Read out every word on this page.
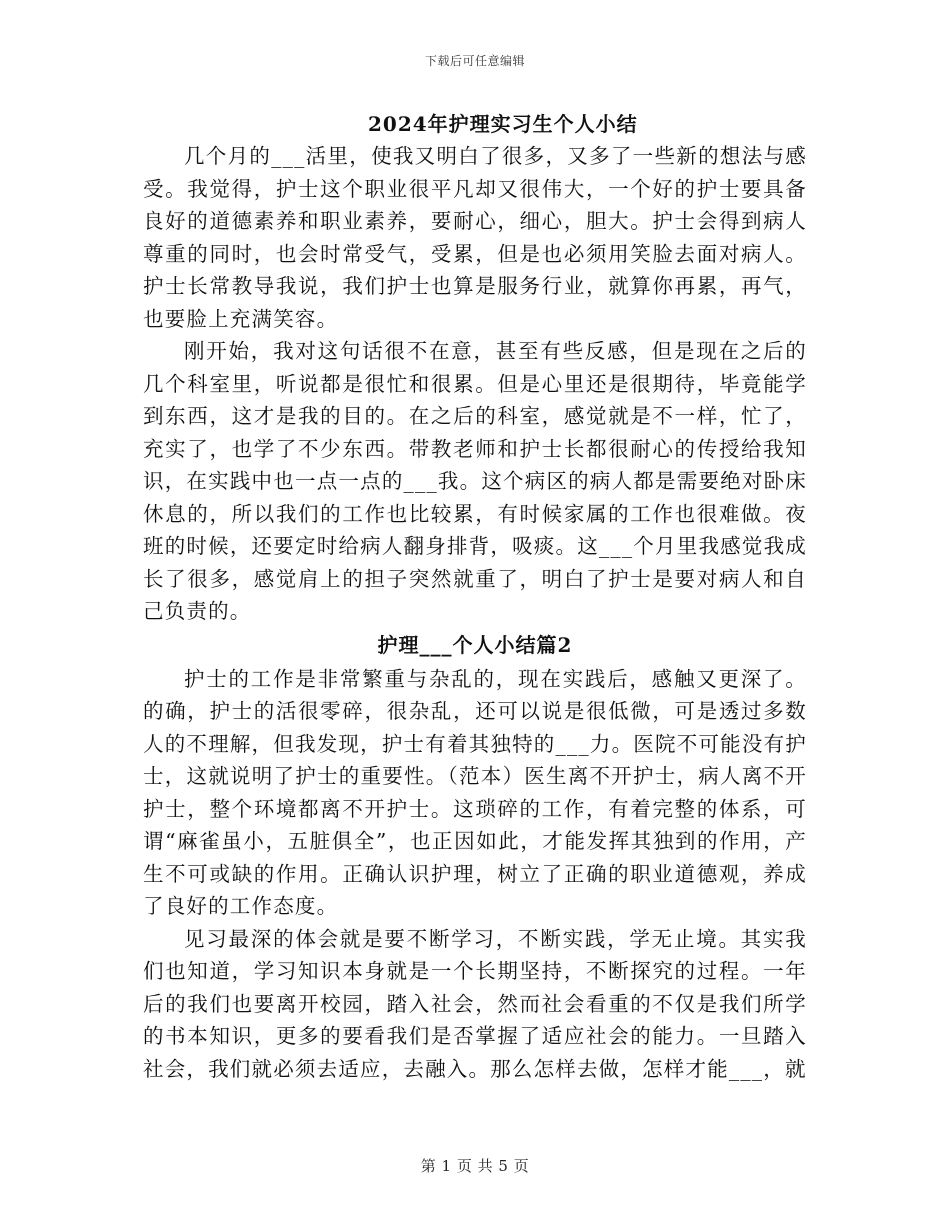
下载后可任意编辑
2024年护理实习生个人小结

几个月的___活里，使我又明白了很多，又多了一些新的想法与感受。我觉得，护士这个职业很平凡却又很伟大，一个好的护士要具备良好的道德素养和职业素养，要耐心，细心，胆大。护士会得到病人尊重的同时，也会时常受气，受累，但是也必须用笑脸去面对病人。护士长常教导我说，我们护士也算是服务行业，就算你再累，再气，也要脸上充满笑容。

刚开始，我对这句话很不在意，甚至有些反感，但是现在之后的几个科室里，听说都是很忙和很累。但是心里还是很期待，毕竟能学到东西，这才是我的目的。在之后的科室，感觉就是不一样，忙了，充实了，也学了不少东西。带教老师和护士长都很耐心的传授给我知识，在实践中也一点一点的___我。这个病区的病人都是需要绝对卧床休息的，所以我们的工作也比较累，有时候家属的工作也很难做。夜班的时候，还要定时给病人翻身排背，吸痰。这___个月里我感觉我成长了很多，感觉肩上的担子突然就重了，明白了护士是要对病人和自己负责的。

护理___个人小结篇2

护士的工作是非常繁重与杂乱的，现在实践后，感触又更深了。的确，护士的活很零碎，很杂乱，还可以说是很低微，可是透过多数人的不理解，但我发现，护士有着其独特的___力。医院不可能没有护士，这就说明了护士的重要性。（范本）医生离不开护士，病人离不开护士，整个环境都离不开护士。这琐碎的工作，有着完整的体系，可谓“麻雀虽小，五脏俱全”，也正因如此，才能发挥其独到的作用，产生不可或缺的作用。正确认识护理，树立了正确的职业道德观，养成了良好的工作态度。

见习最深的体会就是要不断学习，不断实践，学无止境。其实我们也知道，学习知识本身就是一个长期坚持，不断探究的过程。一年后的我们也要离开校园，踏入社会，然而社会看重的不仅是我们所学的书本知识，更多的要看我们是否掌握了适应社会的能力。一旦踏入社会，我们就必须去适应，去融入。那么怎样去做，怎样才能___，就

第 1 页 共 5 页
